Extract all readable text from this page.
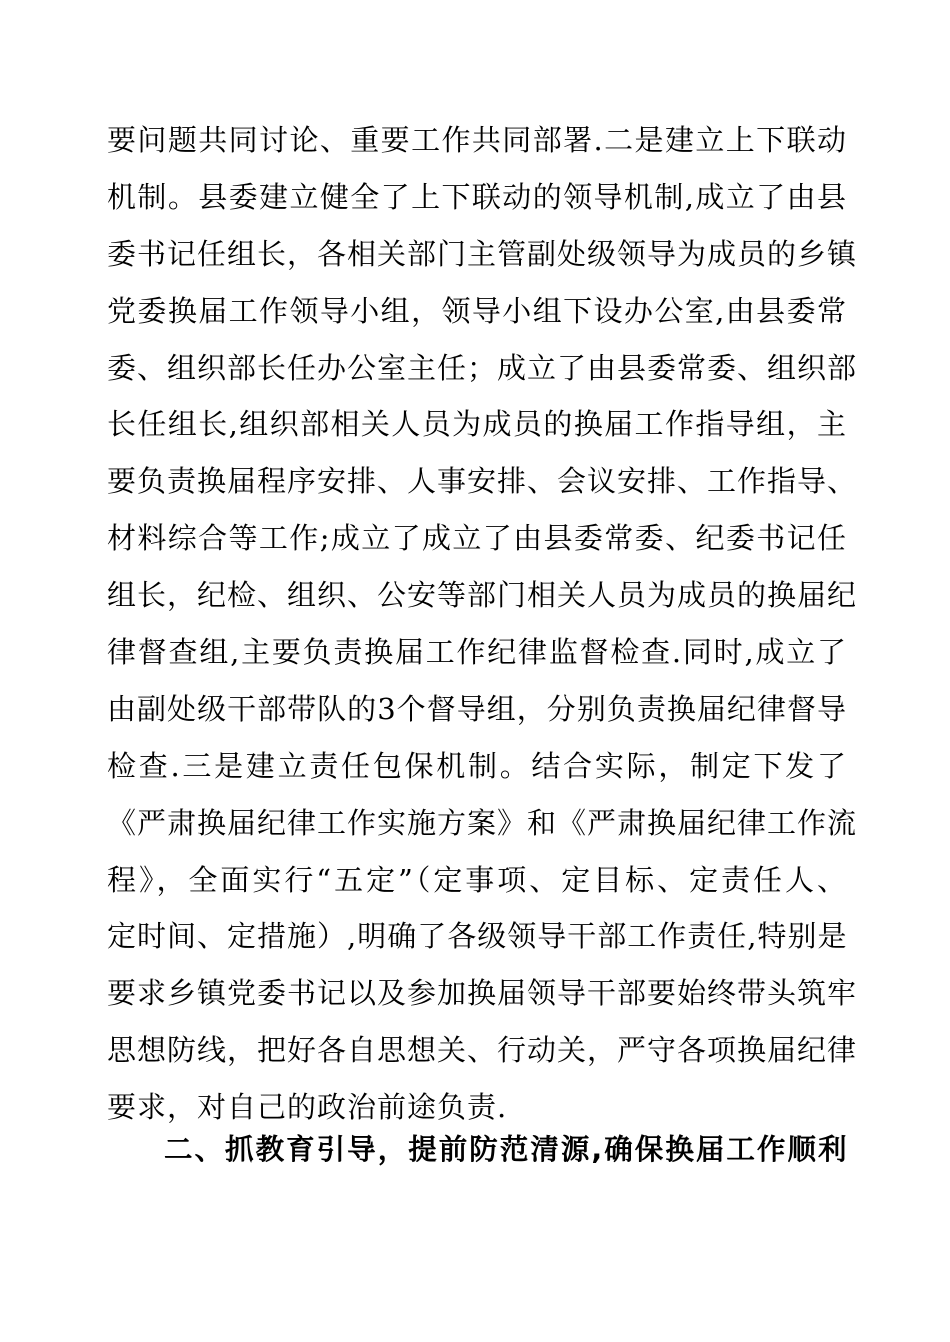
要问题共同讨论、重要工作共同部署.二是建立上下联动
机制。县委建立健全了上下联动的领导机制,成立了由县
委书记任组长，各相关部门主管副处级领导为成员的乡镇
党委换届工作领导小组，领导小组下设办公室,由县委常
委、组织部长任办公室主任；成立了由县委常委、组织部
长任组长,组织部相关人员为成员的换届工作指导组，主
要负责换届程序安排、人事安排、会议安排、工作指导、
材料综合等工作;成立了成立了由县委常委、纪委书记任
组长，纪检、组织、公安等部门相关人员为成员的换届纪
律督查组,主要负责换届工作纪律监督检查.同时,成立了
由副处级干部带队的3个督导组，分别负责换届纪律督导
检查.三是建立责任包保机制。结合实际，制定下发了
《严肃换届纪律工作实施方案》和《严肃换届纪律工作流
程》，全面实行“五定”（定事项、定目标、定责任人、
定时间、定措施）,明确了各级领导干部工作责任,特别是
要求乡镇党委书记以及参加换届领导干部要始终带头筑牢
思想防线，把好各自思想关、行动关，严守各项换届纪律
要求，对自己的政治前途负责.
二、抓教育引导，提前防范清源,确保换届工作顺利
